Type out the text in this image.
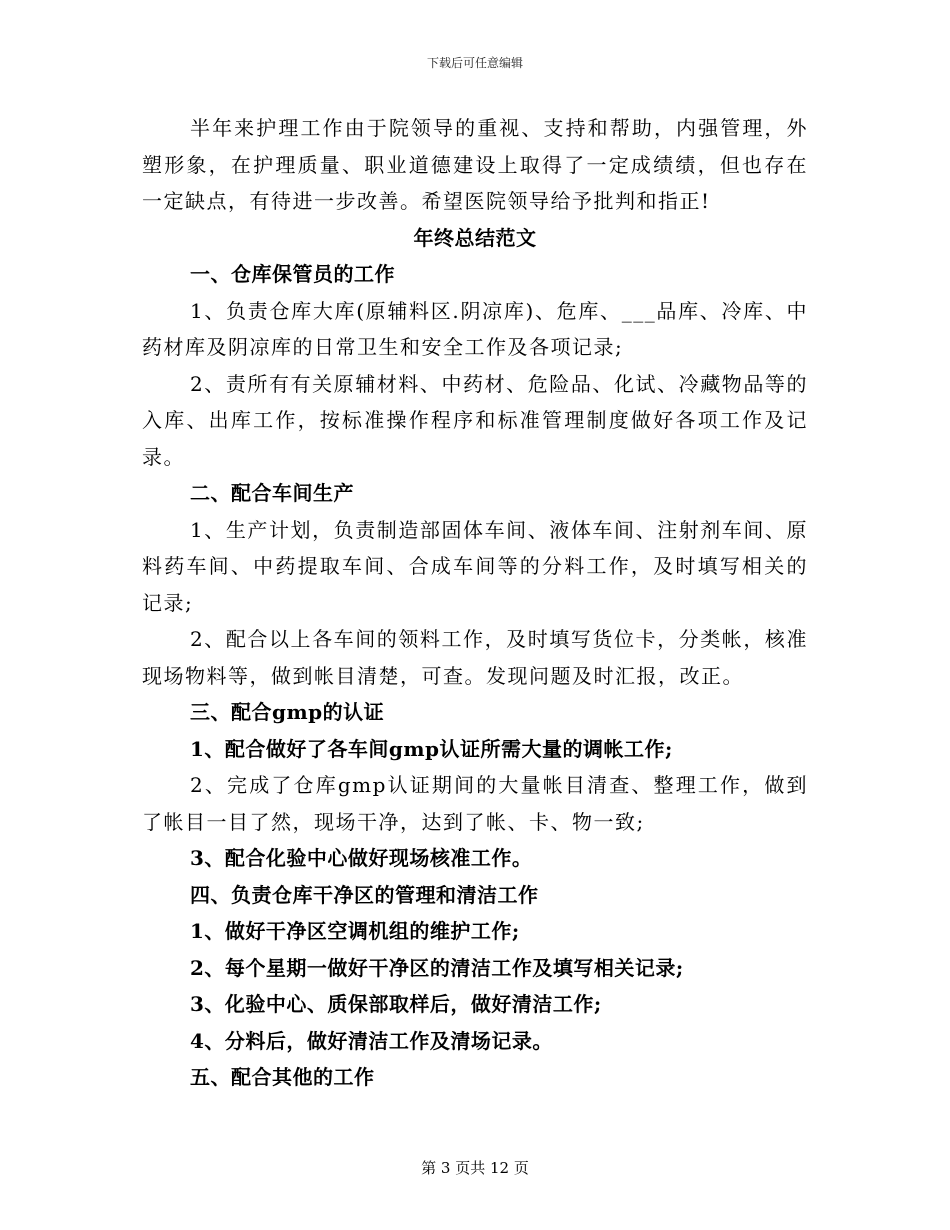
下载后可任意编辑

半年来护理工作由于院领导的重视、支持和帮助，内强管理，外塑形象，在护理质量、职业道德建设上取得了一定成绩绩，但也存在一定缺点，有待进一步改善。希望医院领导给予批判和指正!

年终总结范文

一、仓库保管员的工作

1、负责仓库大库(原辅料区.阴凉库)、危库、___品库、冷库、中药材库及阴凉库的日常卫生和安全工作及各项记录;

2、责所有有关原辅材料、中药材、危险品、化试、冷藏物品等的入库、出库工作，按标准操作程序和标准管理制度做好各项工作及记录。

二、配合车间生产

1、生产计划，负责制造部固体车间、液体车间、注射剂车间、原料药车间、中药提取车间、合成车间等的分料工作，及时填写相关的记录;

2、配合以上各车间的领料工作，及时填写货位卡，分类帐，核准现场物料等，做到帐目清楚，可查。发现问题及时汇报，改正。

三、配合gmp的认证

1、配合做好了各车间gmp认证所需大量的调帐工作;

2、完成了仓库gmp认证期间的大量帐目清查、整理工作，做到了帐目一目了然，现场干净，达到了帐、卡、物一致;

3、配合化验中心做好现场核准工作。

四、负责仓库干净区的管理和清洁工作

1、做好干净区空调机组的维护工作;

2、每个星期一做好干净区的清洁工作及填写相关记录;

3、化验中心、质保部取样后，做好清洁工作;

4、分料后，做好清洁工作及清场记录。

五、配合其他的工作

第 3 页共 12 页
